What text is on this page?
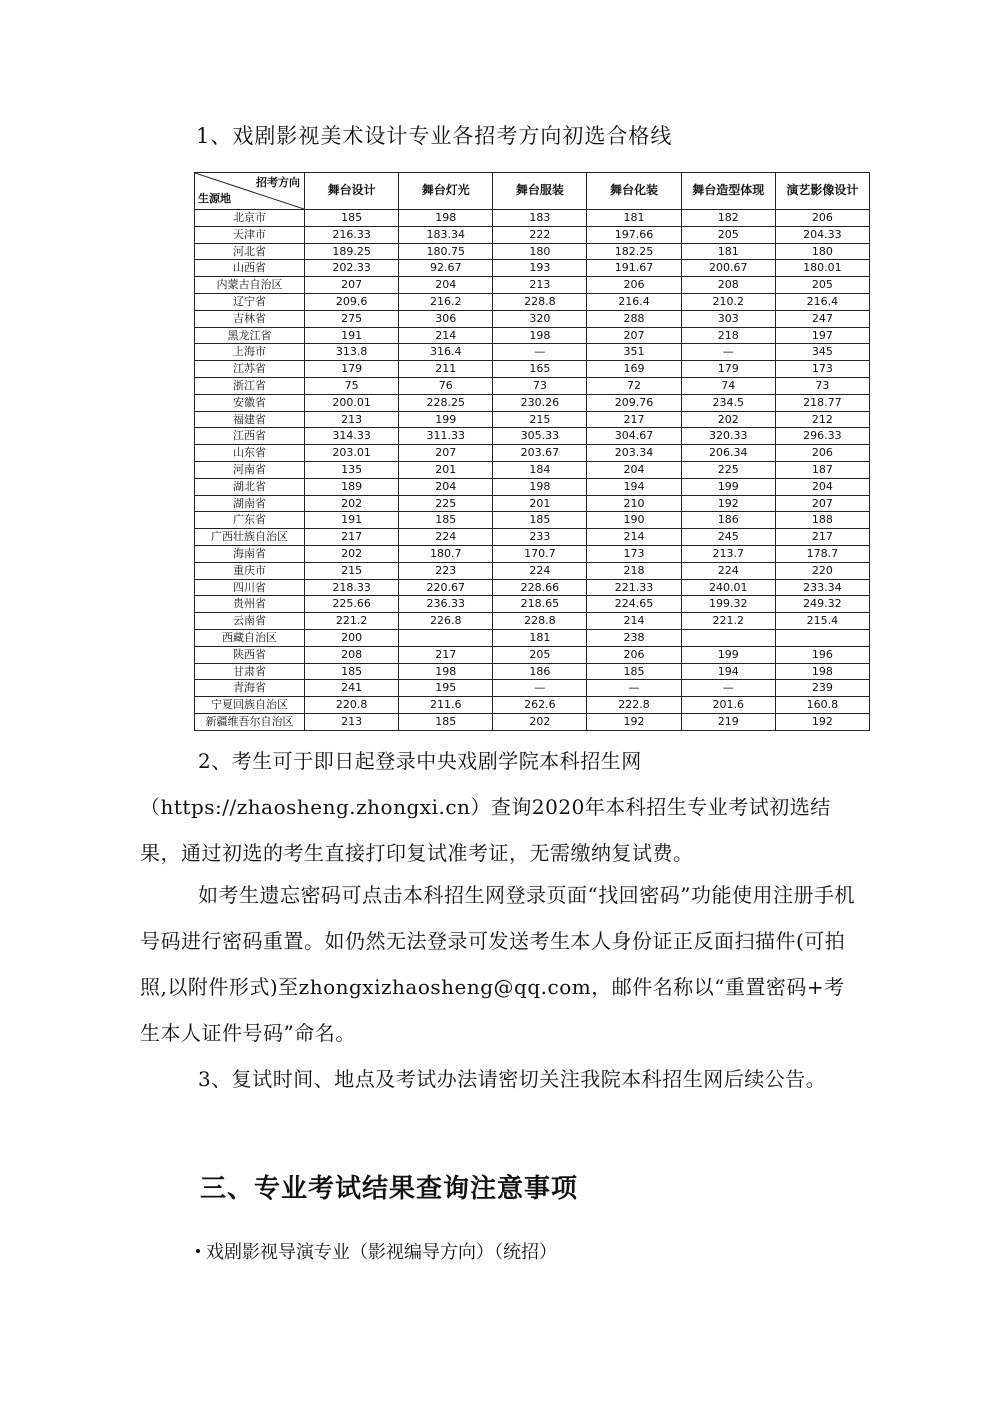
1、戏剧影视美术设计专业各招考方向初选合格线
招考方向
生源地	舞台设计	舞台灯光	舞台服装	舞台化装	舞台造型体现	演艺影像设计
北京市	185	198	183	181	182	206
天津市	216.33	183.34	222	197.66	205	204.33
河北省	189.25	180.75	180	182.25	181	180
山西省	202.33	92.67	193	191.67	200.67	180.01
内蒙古自治区	207	204	213	206	208	205
辽宁省	209.6	216.2	228.8	216.4	210.2	216.4
吉林省	275	306	320	288	303	247
黑龙江省	191	214	198	207	218	197
上海市	313.8	316.4	—	351	—	345
江苏省	179	211	165	169	179	173
浙江省	75	76	73	72	74	73
安徽省	200.01	228.25	230.26	209.76	234.5	218.77
福建省	213	199	215	217	202	212
江西省	314.33	311.33	305.33	304.67	320.33	296.33
山东省	203.01	207	203.67	203.34	206.34	206
河南省	135	201	184	204	225	187
湖北省	189	204	198	194	199	204
湖南省	202	225	201	210	192	207
广东省	191	185	185	190	186	188
广西壮族自治区	217	224	233	214	245	217
海南省	202	180.7	170.7	173	213.7	178.7
重庆市	215	223	224	218	224	220
四川省	218.33	220.67	228.66	221.33	240.01	233.34
贵州省	225.66	236.33	218.65	224.65	199.32	249.32
云南省	221.2	226.8	228.8	214	221.2	215.4
西藏自治区	200		181	238		
陕西省	208	217	205	206	199	196
甘肃省	185	198	186	185	194	198
青海省	241	195	—	—	—	239
宁夏回族自治区	220.8	211.6	262.6	222.8	201.6	160.8
新疆维吾尔自治区	213	185	202	192	219	192

2、考生可于即日起登录中央戏剧学院本科招生网

（https://zhaosheng.zhongxi.cn）查询2020年本科招生专业考试初选结果，通过初选的考生直接打印复试准考证，无需缴纳复试费。

如考生遗忘密码可点击本科招生网登录页面“找回密码”功能使用注册手机号码进行密码重置。如仍然无法登录可发送考生本人身份证正反面扫描件(可拍照,以附件形式)至zhongxizhaosheng@qq.com，邮件名称以“重置密码+考生本人证件号码”命名。

3、复试时间、地点及考试办法请密切关注我院本科招生网后续公告。

三、专业考试结果查询注意事项

戏剧影视导演专业（影视编导方向）（统招）
